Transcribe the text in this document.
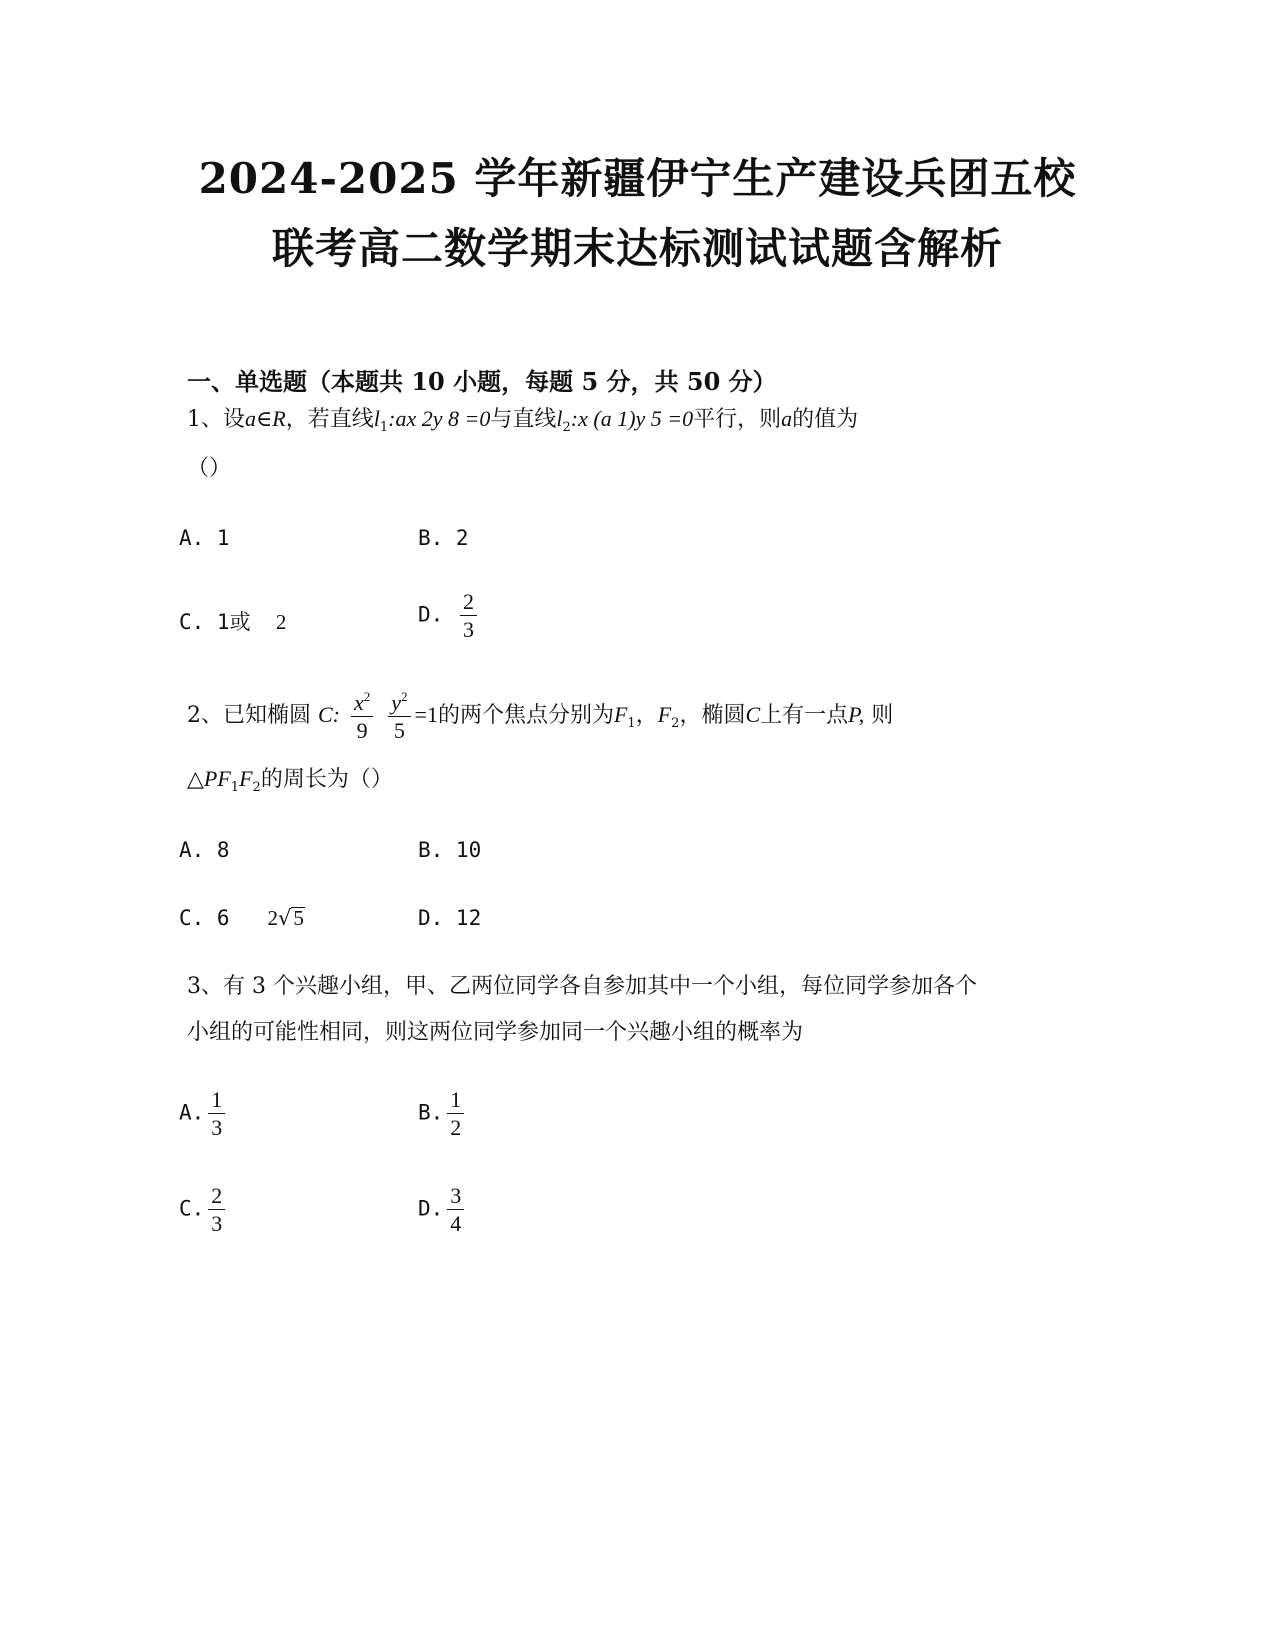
2024-2025 学年新疆伊宁生产建设兵团五校
联考高二数学期末达标测试试题含解析
一、单选题（本题共 10 小题，每题 5 分，共 50 分）
1、设a∈R，若直线$l_1:ax$ 2y 8 =0与直线$l_2:x$ (a 1)y 5 =0平行，则a的值为
（）
A. 1	B. 2
C. 1或 2	D. $\frac{2}{3}$
2、已知椭圆 C: $\frac{x^2}{9}$
$\frac{y^2}{5} =1$的两个焦点分别为$F_1$，$F_2$，椭圆C上有一点P, 则
$\triangle PF_1F_2$的周长为（）
A. 8	B. 10
C. 6 2√5	D. 12
3、有 3 个兴趣小组，甲、乙两位同学各自参加其中一个小组，每位同学参加各个
小组的可能性相同，则这两位同学参加同一个兴趣小组的概率为
A. $\frac{1}{3}$	B. $\frac{1}{2}$
C. $\frac{2}{3}$	D. $\frac{3}{4}$
